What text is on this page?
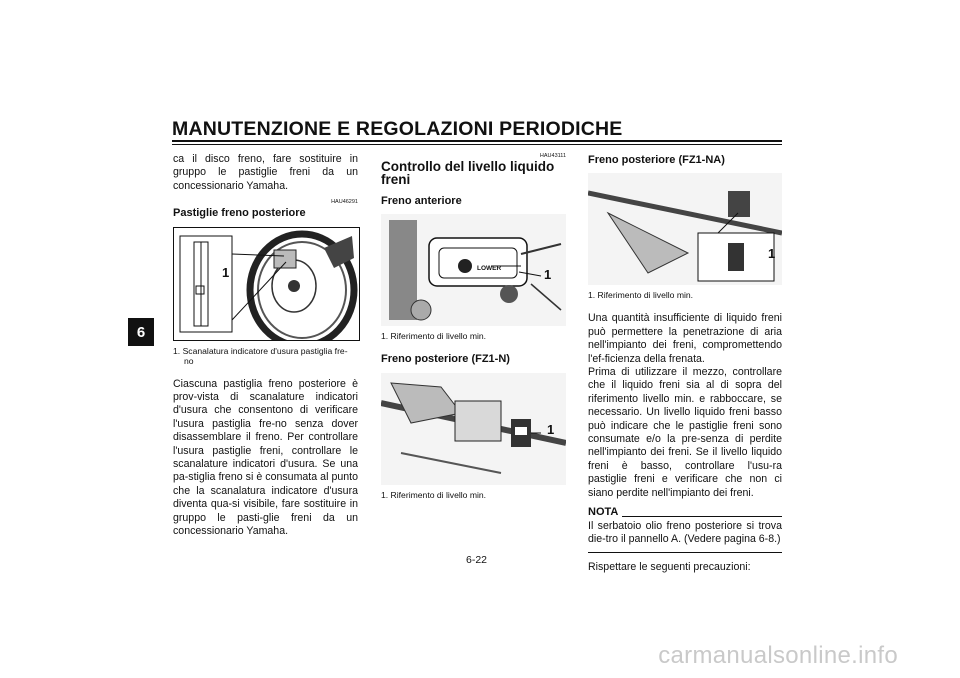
MANUTENZIONE E REGOLAZIONI PERIODICHE
6

ca il disco freno, fare sostituire in gruppo le pastiglie freni da un concessionario Yamaha.

HAU46291
Pastiglie freno posteriore
1
1. Scanalatura indicatore d'usura pastiglia fre-
no

Ciascuna pastiglia freno posteriore è prov-vista di scanalature indicatori d'usura che consentono di verificare l'usura pastiglia fre-no senza dover disassemblare il freno. Per controllare l'usura pastiglie freni, controllare le scanalature indicatori d'usura. Se una pa-stiglia freno si è consumata al punto che la scanalatura indicatore d'usura diventa qua-si visibile, fare sostituire in gruppo le pasti-glie freni da un concessionario Yamaha.

HAU43111
Controllo del livello liquido freni
Freno anteriore
LOWER	1
1. Riferimento di livello min.
Freno posteriore (FZ1-N)
1
1. Riferimento di livello min.
Freno posteriore (FZ1-NA)
1
1. Riferimento di livello min.

Una quantità insufficiente di liquido freni può permettere la penetrazione di aria nell'impianto dei freni, compromettendo l'ef-ficienza della frenata.

Prima di utilizzare il mezzo, controllare che il liquido freni sia al di sopra del riferimento livello min. e rabboccare, se necessario. Un livello liquido freni basso può indicare che le pastiglie freni sono consumate e/o la pre-senza di perdite nell'impianto dei freni. Se il livello liquido freni è basso, controllare l'usu-ra pastiglie freni e verificare che non ci siano perdite nell'impianto dei freni.

NOTA

Il serbatoio olio freno posteriore si trova die-tro il pannello A. (Vedere pagina 6-8.)

Rispettare le seguenti precauzioni:

6-22
carmanualsonline.info
